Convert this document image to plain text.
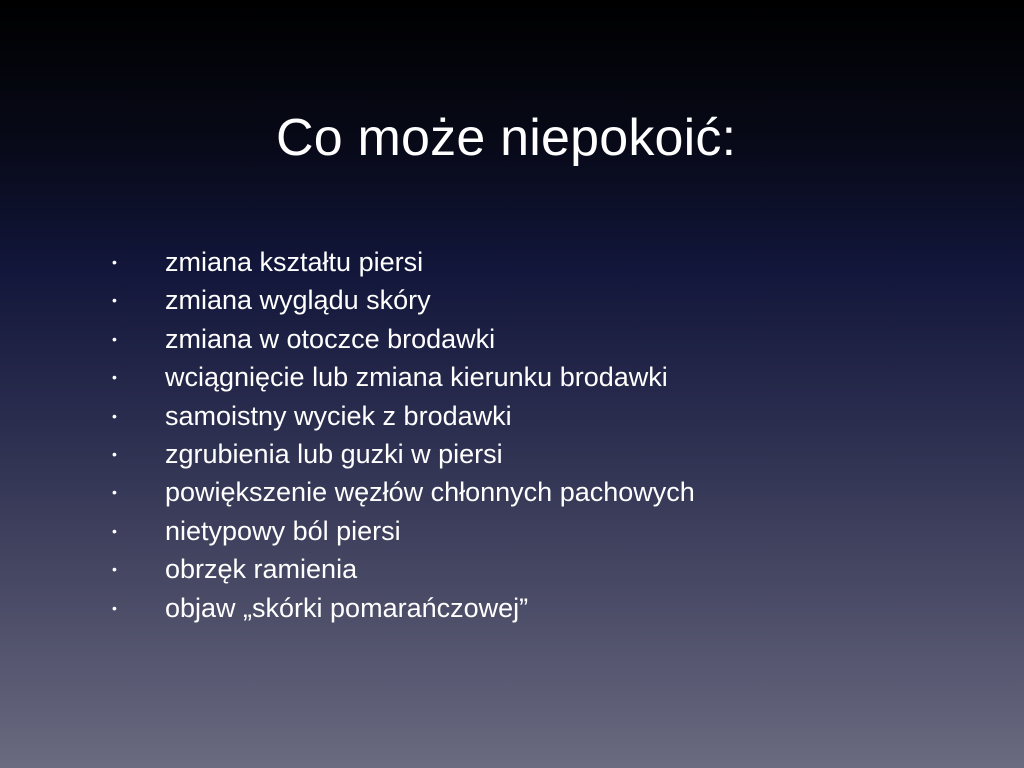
Co może niepokoić:
• zmiana kształtu piersi
• zmiana wyglądu skóry
• zmiana w otoczce brodawki
• wciągnięcie lub zmiana kierunku brodawki
• samoistny wyciek z brodawki
• zgrubienia lub guzki w piersi
• powiększenie węzłów chłonnych pachowych
• nietypowy ból piersi
• obrzęk ramienia
• objaw „skórki pomarańczowej”
